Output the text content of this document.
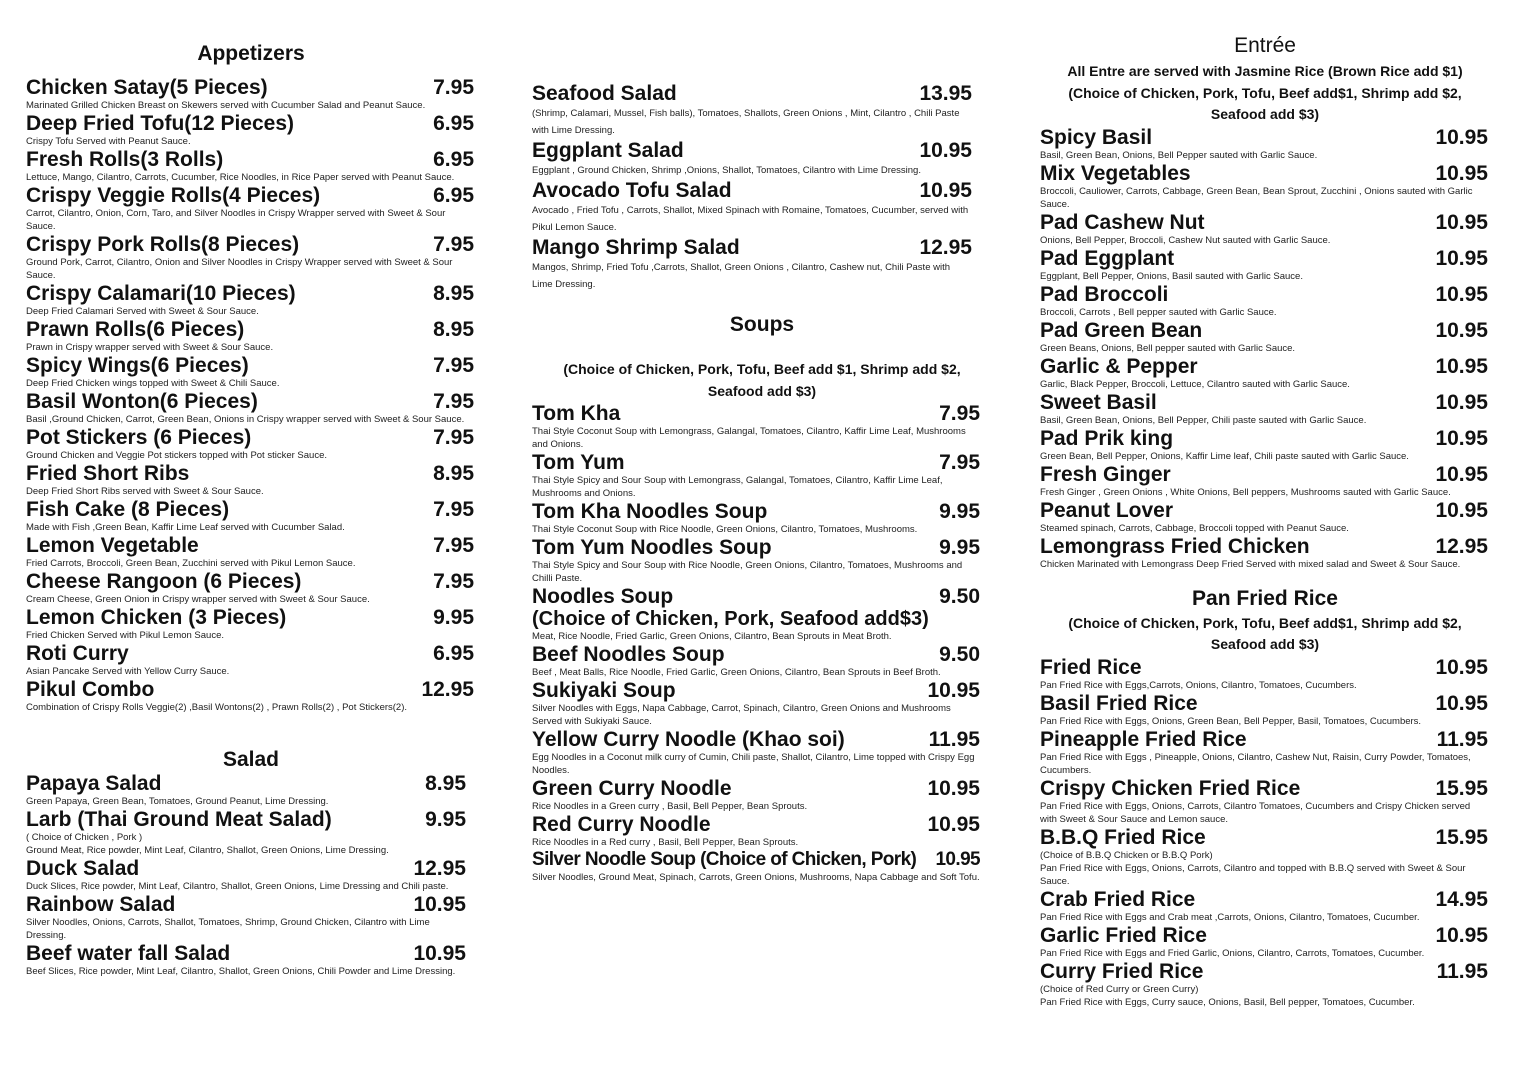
Appetizers
Chicken Satay(5 Pieces)	7.95
Marinated Grilled Chicken Breast on Skewers served with Cucumber Salad and Peanut Sauce.
Deep Fried Tofu(12 Pieces)	6.95
Crispy Tofu Served with Peanut Sauce.
Fresh Rolls(3 Rolls)	6.95
Lettuce, Mango, Cilantro, Carrots, Cucumber, Rice Noodles, in Rice Paper served with Peanut Sauce.
Crispy Veggie Rolls(4 Pieces)	6.95
Carrot, Cilantro, Onion, Corn, Taro, and Silver Noodles in Crispy Wrapper served with Sweet & Sour Sauce.
Crispy Pork Rolls(8 Pieces)	7.95
Ground Pork, Carrot, Cilantro, Onion and Silver Noodles in Crispy Wrapper served with Sweet & Sour Sauce.
Crispy Calamari(10 Pieces)	8.95
Deep Fried Calamari Served with Sweet & Sour Sauce.
Prawn Rolls(6 Pieces)	8.95
Prawn in Crispy wrapper served with Sweet & Sour Sauce.
Spicy Wings(6 Pieces)	7.95
Deep Fried Chicken wings topped with Sweet & Chili Sauce.
Basil Wonton(6 Pieces)	7.95
Basil ,Ground Chicken, Carrot, Green Bean, Onions in Crispy wrapper served with Sweet & Sour Sauce.
Pot Stickers (6 Pieces)	7.95
Ground Chicken and Veggie Pot stickers topped with Pot sticker Sauce.
Fried Short Ribs	8.95
Deep Fried Short Ribs served with Sweet & Sour Sauce.
Fish Cake (8 Pieces)	7.95
Made with Fish ,Green Bean, Kaffir Lime Leaf served with Cucumber Salad.
Lemon Vegetable	7.95
Fried Carrots, Broccoli, Green Bean, Zucchini served with Pikul Lemon Sauce.
Cheese Rangoon (6 Pieces)	7.95
Cream Cheese, Green Onion in Crispy wrapper served with Sweet & Sour Sauce.
Lemon Chicken (3 Pieces)	9.95
Fried Chicken Served with Pikul Lemon Sauce.
Roti Curry	6.95
Asian Pancake Served with Yellow Curry Sauce.
Pikul Combo	12.95
Combination of Crispy Rolls Veggie(2) ,Basil Wontons(2) , Prawn Rolls(2) , Pot Stickers(2).
Salad
Papaya Salad	8.95
Green Papaya, Green Bean, Tomatoes, Ground Peanut, Lime Dressing.
Larb (Thai Ground Meat Salad)	9.95
( Choice of Chicken , Pork )
Ground Meat, Rice powder, Mint Leaf, Cilantro, Shallot, Green Onions, Lime Dressing.
Duck Salad	12.95
Duck Slices, Rice powder, Mint Leaf, Cilantro, Shallot, Green Onions, Lime Dressing and Chili paste.
Rainbow Salad	10.95
Silver Noodles, Onions, Carrots, Shallot, Tomatoes, Shrimp, Ground Chicken, Cilantro with Lime Dressing.
Beef water fall Salad	10.95
Beef Slices, Rice powder, Mint Leaf, Cilantro, Shallot, Green Onions, Chili Powder and Lime Dressing.
Seafood Salad	13.95
(Shrimp, Calamari, Mussel, Fish balls), Tomatoes, Shallots, Green Onions , Mint, Cilantro , Chili Paste with Lime Dressing.
Eggplant Salad	10.95
Eggplant , Ground Chicken, Shrimp ,Onions, Shallot, Tomatoes, Cilantro with Lime Dressing.
Avocado Tofu Salad	10.95
Avocado , Fried Tofu , Carrots, Shallot, Mixed Spinach with Romaine, Tomatoes, Cucumber, served with Pikul Lemon Sauce.
Mango Shrimp Salad	12.95
Mangos, Shrimp, Fried Tofu ,Carrots, Shallot, Green Onions , Cilantro, Cashew nut, Chili Paste with Lime Dressing.
Soups

(Choice of Chicken, Pork, Tofu, Beef add $1, Shrimp add $2, Seafood add $3)

Tom Kha	7.95
Thai Style Coconut Soup with Lemongrass, Galangal, Tomatoes, Cilantro, Kaffir Lime Leaf, Mushrooms and Onions.
Tom Yum	7.95
Thai Style Spicy and Sour Soup with Lemongrass, Galangal, Tomatoes, Cilantro, Kaffir Lime Leaf, Mushrooms and Onions.
Tom Kha Noodles Soup	9.95
Thai Style Coconut Soup with Rice Noodle, Green Onions, Cilantro, Tomatoes, Mushrooms.
Tom Yum Noodles Soup	9.95
Thai Style Spicy and Sour Soup with Rice Noodle, Green Onions, Cilantro, Tomatoes, Mushrooms and Chilli Paste.
Noodles Soup	9.50
(Choice of Chicken, Pork, Seafood add$3)
Meat, Rice Noodle, Fried Garlic, Green Onions, Cilantro, Bean Sprouts in Meat Broth.
Beef Noodles Soup	9.50
Beef , Meat Balls, Rice Noodle, Fried Garlic, Green Onions, Cilantro, Bean Sprouts in Beef Broth.
Sukiyaki Soup	10.95
Silver Noodles with Eggs, Napa Cabbage, Carrot, Spinach, Cilantro, Green Onions and Mushrooms Served with Sukiyaki Sauce.
Yellow Curry Noodle (Khao soi)	11.95
Egg Noodles in a Coconut milk curry of Cumin, Chili paste, Shallot, Cilantro, Lime topped with Crispy Egg Noodles.
Green Curry Noodle	10.95
Rice Noodles in a Green curry , Basil, Bell Pepper, Bean Sprouts.
Red Curry Noodle	10.95
Rice Noodles in a Red curry , Basil, Bell Pepper, Bean Sprouts.
Silver Noodle Soup (Choice of Chicken, Pork) 10.95
Silver Noodles, Ground Meat, Spinach, Carrots, Green Onions, Mushrooms, Napa Cabbage and Soft Tofu.
Entrée

All Entre are served with Jasmine Rice (Brown Rice add $1) (Choice of Chicken, Pork, Tofu, Beef add$1, Shrimp add $2, Seafood add $3)

Spicy Basil	10.95
Basil, Green Bean, Onions, Bell Pepper sauted with Garlic Sauce.
Mix Vegetables	10.95
Broccoli, Cauliower, Carrots, Cabbage, Green Bean, Bean Sprout, Zucchini , Onions sauted with Garlic Sauce.
Pad Cashew Nut	10.95
Onions, Bell Pepper, Broccoli, Cashew Nut sauted with Garlic Sauce.
Pad Eggplant	10.95
Eggplant, Bell Pepper, Onions, Basil sauted with Garlic Sauce.
Pad Broccoli	10.95
Broccoli, Carrots , Bell pepper sauted with Garlic Sauce.
Pad Green Bean	10.95
Green Beans, Onions, Bell pepper sauted with Garlic Sauce.
Garlic & Pepper	10.95
Garlic, Black Pepper, Broccoli, Lettuce, Cilantro sauted with Garlic Sauce.
Sweet Basil	10.95
Basil, Green Bean, Onions, Bell Pepper, Chili paste sauted with Garlic Sauce.
Pad Prik king	10.95
Green Bean, Bell Pepper, Onions, Kaffir Lime leaf, Chili paste sauted with Garlic Sauce.
Fresh Ginger	10.95
Fresh Ginger , Green Onions , White Onions, Bell peppers, Mushrooms sauted with Garlic Sauce.
Peanut Lover	10.95
Steamed spinach, Carrots, Cabbage, Broccoli topped with Peanut Sauce.
Lemongrass Fried Chicken	12.95
Chicken Marinated with Lemongrass Deep Fried Served with mixed salad and Sweet & Sour Sauce.
Pan Fried Rice

(Choice of Chicken, Pork, Tofu, Beef add$1, Shrimp add $2, Seafood add $3)

Fried Rice	10.95
Pan Fried Rice with Eggs,Carrots, Onions, Cilantro, Tomatoes, Cucumbers.
Basil Fried Rice	10.95
Pan Fried Rice with Eggs, Onions, Green Bean, Bell Pepper, Basil, Tomatoes, Cucumbers.
Pineapple Fried Rice	11.95
Pan Fried Rice with Eggs , Pineapple, Onions, Cilantro, Cashew Nut, Raisin, Curry Powder, Tomatoes, Cucumbers.
Crispy Chicken Fried Rice	15.95
Pan Fried Rice with Eggs, Onions, Carrots, Cilantro Tomatoes, Cucumbers and Crispy Chicken served with Sweet & Sour Sauce and Lemon sauce.
B.B.Q Fried Rice	15.95
(Choice of B.B.Q Chicken or B.B.Q Pork)
Pan Fried Rice with Eggs, Onions, Carrots, Cilantro and topped with B.B.Q served with Sweet & Sour Sauce.
Crab Fried Rice	14.95
Pan Fried Rice with Eggs and Crab meat ,Carrots, Onions, Cilantro, Tomatoes, Cucumber.
Garlic Fried Rice	10.95
Pan Fried Rice with Eggs and Fried Garlic, Onions, Cilantro, Carrots, Tomatoes, Cucumber.
Curry Fried Rice	11.95
(Choice of Red Curry or Green Curry)
Pan Fried Rice with Eggs, Curry sauce, Onions, Basil, Bell pepper, Tomatoes, Cucumber.
